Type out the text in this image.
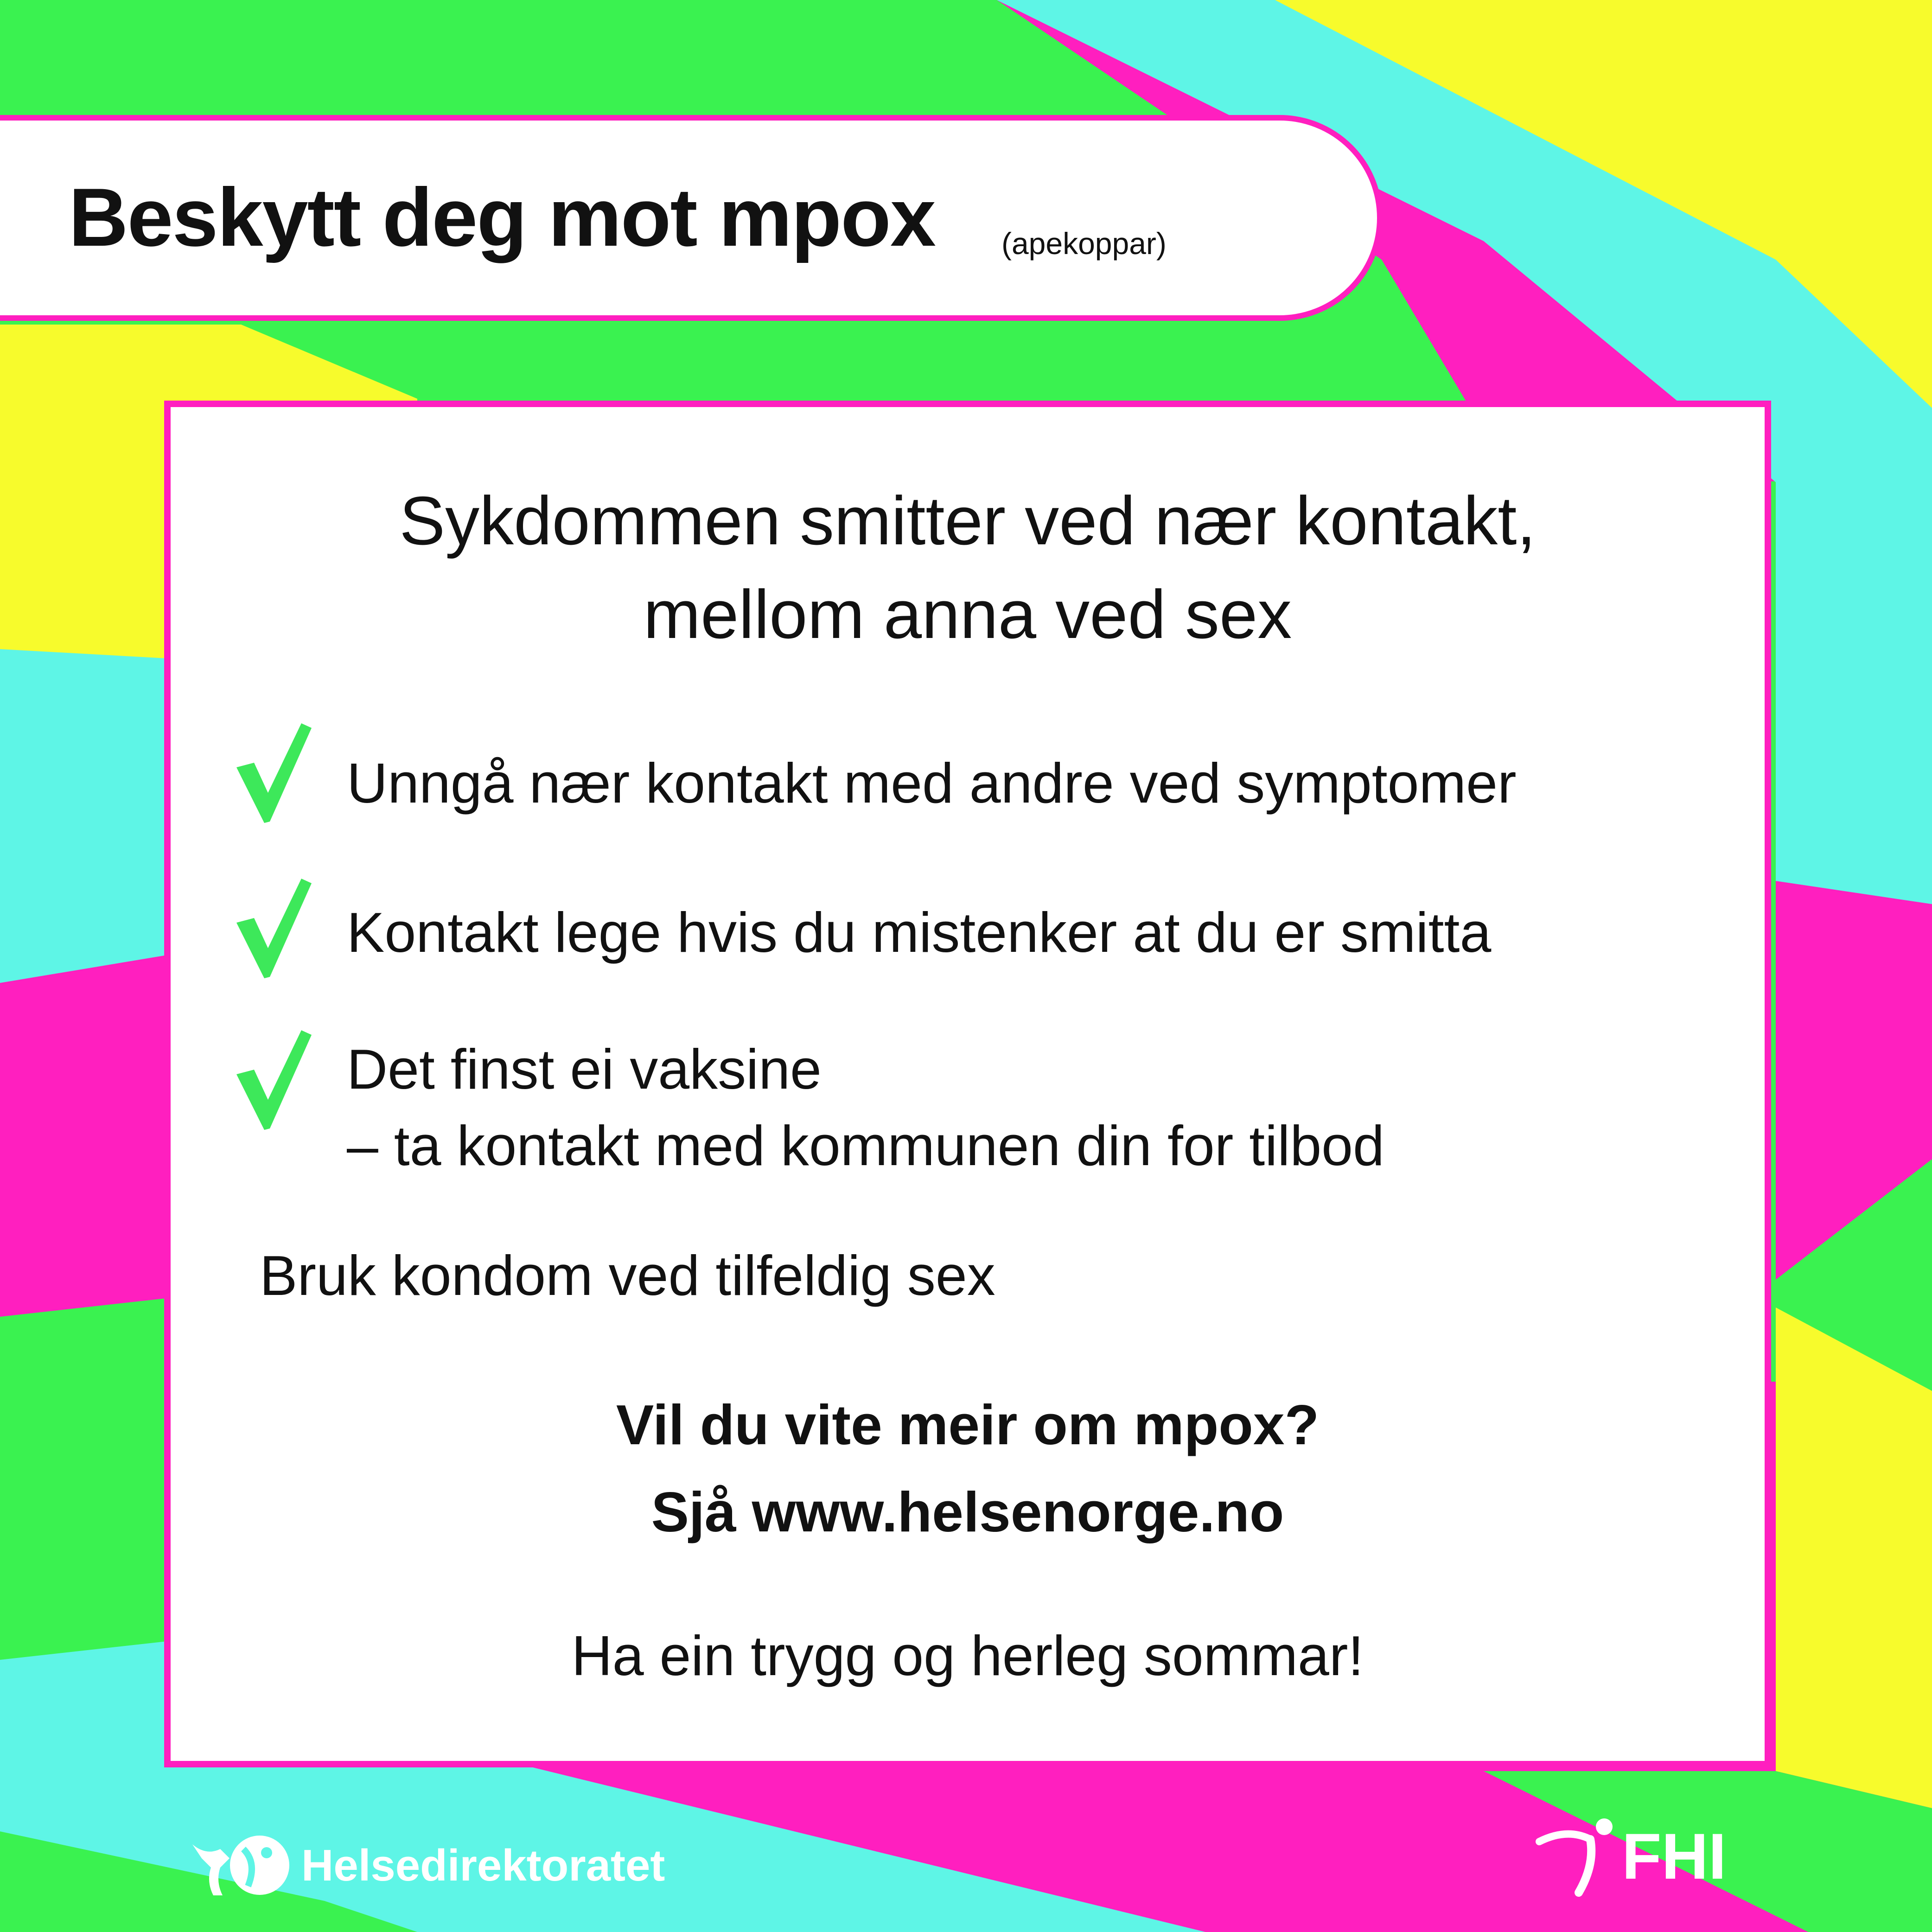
Beskytt deg mot mpox (apekoppar)
Sykdommen smitter ved nær kontakt,
mellom anna ved sex
Unngå nær kontakt med andre ved symptomer
Kontakt lege hvis du mistenker at du er smitta
Det finst ei vaksine
– ta kontakt med kommunen din for tilbod
Bruk kondom ved tilfeldig sex
Vil du vite meir om mpox?
Sjå www.helsenorge.no
Ha ein trygg og herleg sommar!
Helsedirektoratet	FHI
